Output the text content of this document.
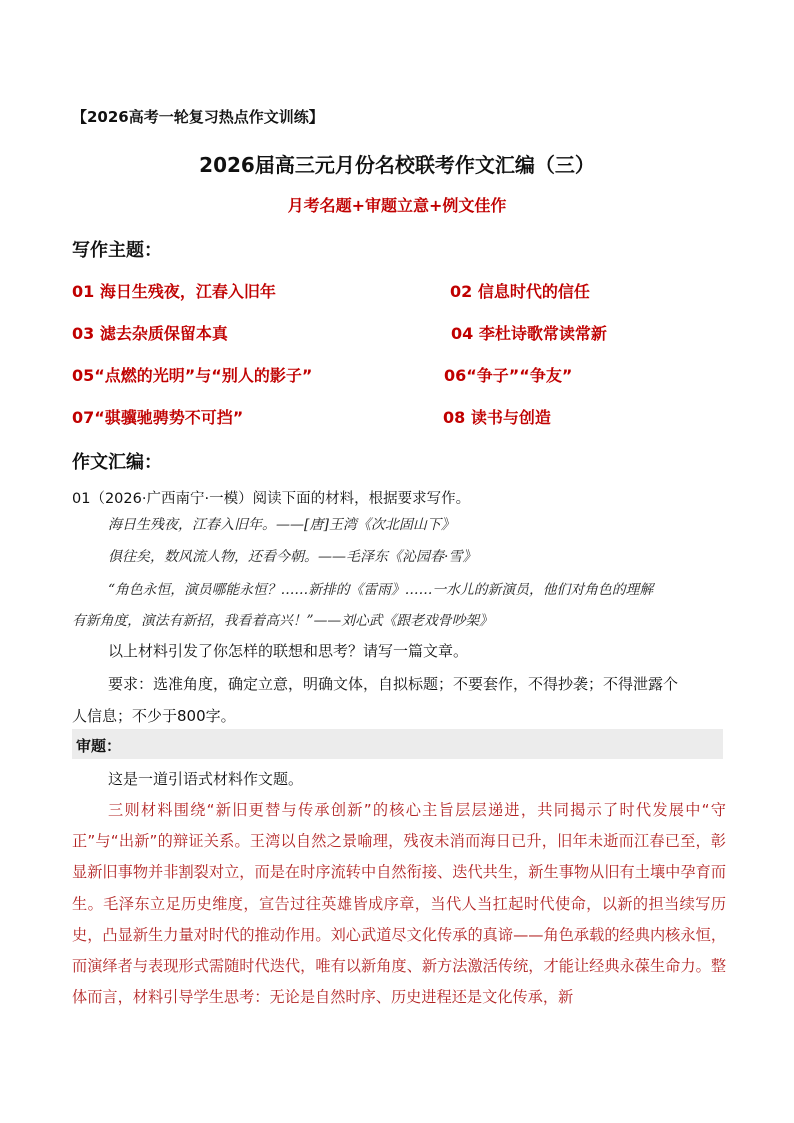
【2026高考一轮复习热点作文训练】
2026届高三元月份名校联考作文汇编（三）
月考名题+审题立意+例文佳作
写作主题：
01 海日生残夜，江春入旧年	02 信息时代的信任
03 滤去杂质保留本真	04 李杜诗歌常读常新
05“点燃的光明”与“别人的影子”	06“争子”“争友”
07“骐骥驰骋势不可挡”	08 读书与创造
作文汇编：
01（2026·广西南宁·一模）阅读下面的材料，根据要求写作。
海日生残夜，江春入旧年。——[唐]王湾《次北固山下》
俱往矣，数风流人物，还看今朝。——毛泽东《沁园春·雪》
“角色永恒，演员哪能永恒？……新排的《雷雨》……一水儿的新演员，他们对角色的理解
有新角度，演法有新招，我看着高兴！”——刘心武《跟老戏骨吵架》
以上材料引发了你怎样的联想和思考？请写一篇文章。
要求：选准角度，确定立意，明确文体，自拟标题；不要套作，不得抄袭；不得泄露个
人信息；不少于800字。
审题：
这是一道引语式材料作文题。
三则材料围绕“新旧更替与传承创新”的核心主旨层层递进，共同揭示了时代发展中“守正”与“出新”的辩证关系。王湾以自然之景喻理，残夜未消而海日已升，旧年未逝而江春已至，彰显新旧事物并非割裂对立，而是在时序流转中自然衔接、迭代共生，新生事物从旧有土壤中孕育而生。毛泽东立足历史维度，宣告过往英雄皆成序章，当代人当扛起时代使命，以新的担当续写历史，凸显新生力量对时代的推动作用。刘心武道尽文化传承的真谛——角色承载的经典内核永恒，而演绎者与表现形式需随时代迭代，唯有以新角度、新方法激活传统，才能让经典永葆生命力。整体而言，材料引导学生思考：无论是自然时序、历史进程还是文化传承，新
